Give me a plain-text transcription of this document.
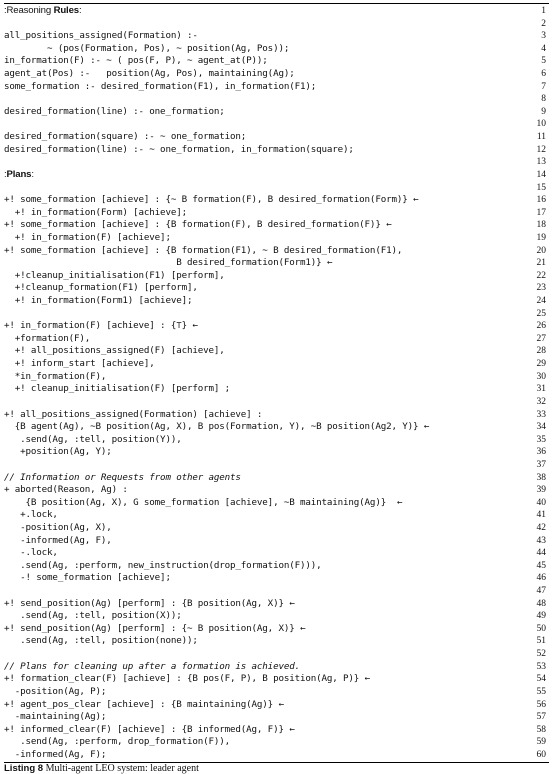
:Reasoning Rules:	1
2
all_positions_assigned(Formation) :-	3
~ (pos(Formation, Pos), ~ position(Ag, Pos));	4
in_formation(F) :- ~ ( pos(F, P), ~ agent_at(P));	5
agent_at(Pos) :-   position(Ag, Pos), maintaining(Ag);	6
some_formation :- desired_formation(F1), in_formation(F1);	7
8
desired_formation(line) :- one_formation;	9
10
desired_formation(square) :- ~ one_formation;	11
desired_formation(line) :- ~ one_formation, in_formation(square);	12
13
:Plans:	14
15
+! some_formation [achieve] : {~ B formation(F), B desired_formation(Form)} ←	16
+! in_formation(Form) [achieve];	17
+! some_formation [achieve] : {B formation(F), B desired_formation(F)} ←	18
+! in_formation(F) [achieve];	19
+! some_formation [achieve] : {B formation(F1), ~ B desired_formation(F1),	20
B desired_formation(Form1)} ←	21
+!cleanup_initialisation(F1) [perform],	22
+!cleanup_formation(F1) [perform],	23
+! in_formation(Form1) [achieve];	24
25
+! in_formation(F) [achieve] : {⊤} ←	26
+formation(F),	27
+! all_positions_assigned(F) [achieve],	28
+! inform_start [achieve],	29
*in_formation(F),	30
+! cleanup_initialisation(F) [perform] ;	31
32
+! all_positions_assigned(Formation) [achieve] :	33
{B agent(Ag), ~B position(Ag, X), B pos(Formation, Y), ~B position(Ag2, Y)} ←	34
.send(Ag, :tell, position(Y)),	35
+position(Ag, Y);	36
37
// Information or Requests from other agents	38
+ aborted(Reason, Ag) :	39
{B position(Ag, X), G some_formation [achieve], ~B maintaining(Ag)}  ←	40
+.lock,	41
-position(Ag, X),	42
-informed(Ag, F),	43
-.lock,	44
.send(Ag, :perform, new_instruction(drop_formation(F))),	45
-! some_formation [achieve];	46
47
+! send_position(Ag) [perform] : {B position(Ag, X)} ←	48
.send(Ag, :tell, position(X));	49
+! send_position(Ag) [perform] : {~ B position(Ag, X)} ←	50
.send(Ag, :tell, position(none));	51
52
// Plans for cleaning up after a formation is achieved.	53
+! formation_clear(F) [achieve] : {B pos(F, P), B position(Ag, P)} ←	54
-position(Ag, P);	55
+! agent_pos_clear [achieve] : {B maintaining(Ag)} ←	56
-maintaining(Ag);	57
+! informed_clear(F) [achieve] : {B informed(Ag, F)} ←	58
.send(Ag, :perform, drop_formation(F)),	59
-informed(Ag, F);	60
Listing 8 Multi-agent LEO system: leader agent
